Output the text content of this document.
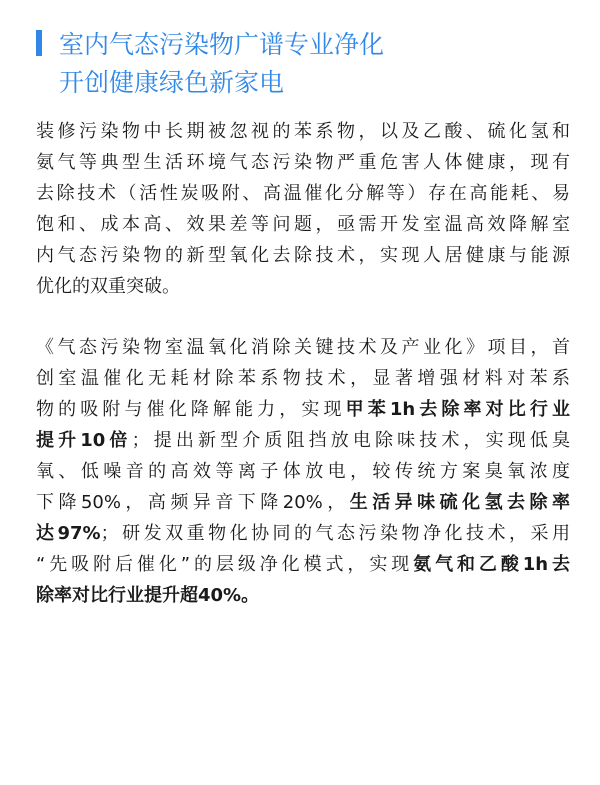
室内气态污染物广谱专业净化
开创健康绿色新家电

装修污染物中长期被忽视的苯系物，以及乙酸、硫化氢和
氨气等典型生活环境气态污染物严重危害人体健康，现有
去除技术（活性炭吸附、高温催化分解等）存在高能耗、易
饱和、成本高、效果差等问题，亟需开发室温高效降解室
内气态污染物的新型氧化去除技术，实现人居健康与能源
优化的双重突破。

《气态污染物室温氧化消除关键技术及产业化》项目，首
创室温催化无耗材除苯系物技术，显著增强材料对苯系
物的吸附与催化降解能力，实现甲苯1h去除率对比行业
提升10倍；提出新型介质阻挡放电除味技术，实现低臭
氧、低噪音的高效等离子体放电，较传统方案臭氧浓度
下降50%，高频异音下降20%，生活异味硫化氢去除率
达97%；研发双重物化协同的气态污染物净化技术，采用
“先吸附后催化”的层级净化模式，实现氨气和乙酸1h去
除率对比行业提升超40%。
